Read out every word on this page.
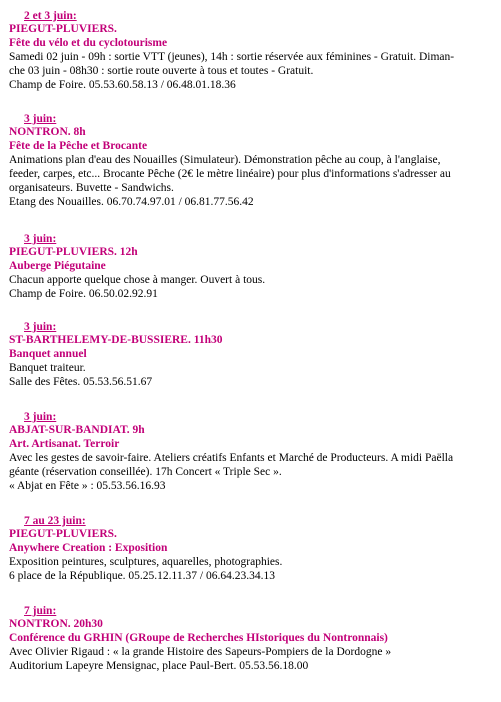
2 et 3 juin:
PIEGUT-PLUVIERS.
Fête du vélo et du cyclotourisme
Samedi 02 juin - 09h : sortie VTT (jeunes), 14h : sortie réservée aux féminines - Gratuit. Diman-
che 03 juin - 08h30 : sortie route ouverte à tous et toutes - Gratuit.
Champ de Foire. 05.53.60.58.13 / 06.48.01.18.36
3 juin:
NONTRON. 8h
Fête de la Pêche et Brocante
Animations plan d'eau des Nouailles (Simulateur). Démonstration pêche au coup, à l'anglaise,
feeder, carpes, etc... Brocante Pêche (2€ le mètre linéaire) pour plus d'informations s'adresser au
organisateurs. Buvette - Sandwichs.
Etang des Nouailles. 06.70.74.97.01 / 06.81.77.56.42
3 juin:
PIEGUT-PLUVIERS. 12h
Auberge Piégutaine
Chacun apporte quelque chose à manger. Ouvert à tous.
Champ de Foire. 06.50.02.92.91
3 juin:
ST-BARTHELEMY-DE-BUSSIERE. 11h30
Banquet annuel
Banquet traiteur.
Salle des Fêtes. 05.53.56.51.67
3 juin:
ABJAT-SUR-BANDIAT. 9h
Art. Artisanat. Terroir
Avec les gestes de savoir-faire. Ateliers créatifs Enfants et Marché de Producteurs. A midi Paëlla
géante (réservation conseillée). 17h Concert « Triple Sec ».
« Abjat en Fête » : 05.53.56.16.93
7 au 23 juin:
PIEGUT-PLUVIERS.
Anywhere Creation : Exposition
Exposition peintures, sculptures, aquarelles, photographies.
6 place de la République. 05.25.12.11.37 / 06.64.23.34.13
7 juin:
NONTRON. 20h30
Conférence du GRHIN (GRoupe de Recherches HIstoriques du Nontronnais)
Avec Olivier Rigaud : « la grande Histoire des Sapeurs-Pompiers de la Dordogne »
Auditorium Lapeyre Mensignac, place Paul-Bert. 05.53.56.18.00
